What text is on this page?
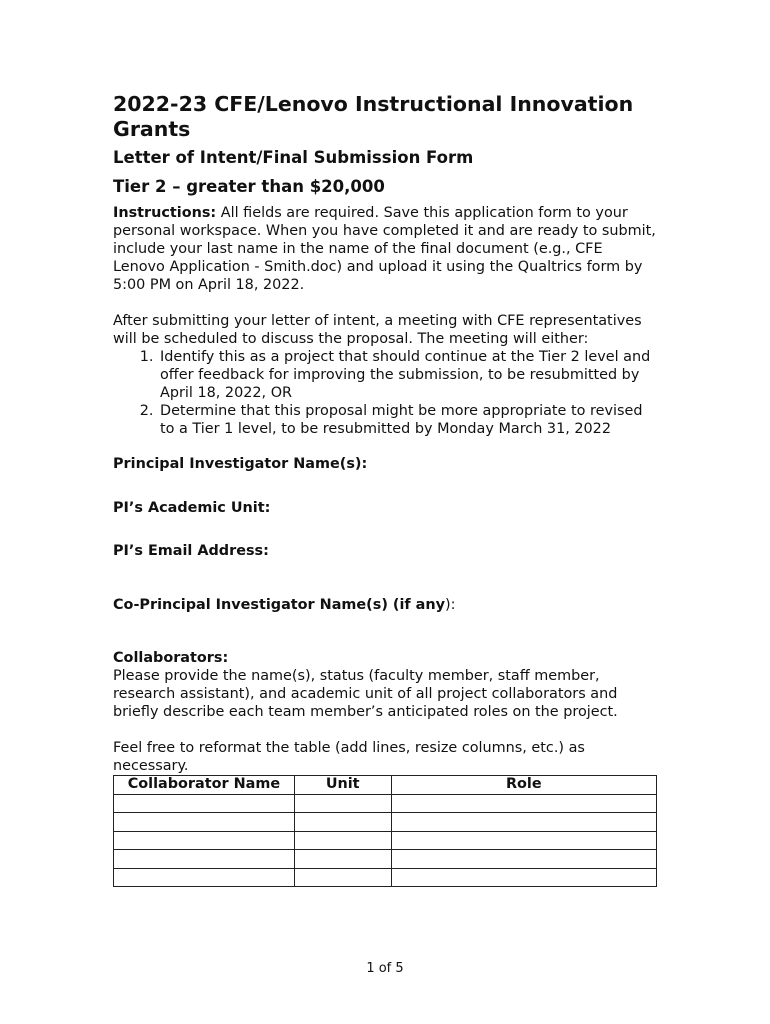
2022-23 CFE/Lenovo Instructional Innovation Grants

Letter of Intent/Final Submission Form

Tier 2 – greater than $20,000

Instructions: All fields are required. Save this application form to your personal workspace. When you have completed it and are ready to submit, include your last name in the name of the final document (e.g., CFE Lenovo Application - Smith.doc) and upload it using the Qualtrics form by 5:00 PM on April 18, 2022.

After submitting your letter of intent, a meeting with CFE representatives will be scheduled to discuss the proposal. The meeting will either:

1. Identify this as a project that should continue at the Tier 2 level and offer feedback for improving the submission, to be resubmitted by April 18, 2022, OR
2. Determine that this proposal might be more appropriate to revised to a Tier 1 level, to be resubmitted by Monday March 31, 2022

Principal Investigator Name(s):

PI’s Academic Unit:

PI’s Email Address:

Co-Principal Investigator Name(s) (if any):

Collaborators:

Please provide the name(s), status (faculty member, staff member, research assistant), and academic unit of all project collaborators and briefly describe each team member’s anticipated roles on the project.

Feel free to reformat the table (add lines, resize columns, etc.) as necessary.

Collaborator Name	Unit	Role

1 of 5
